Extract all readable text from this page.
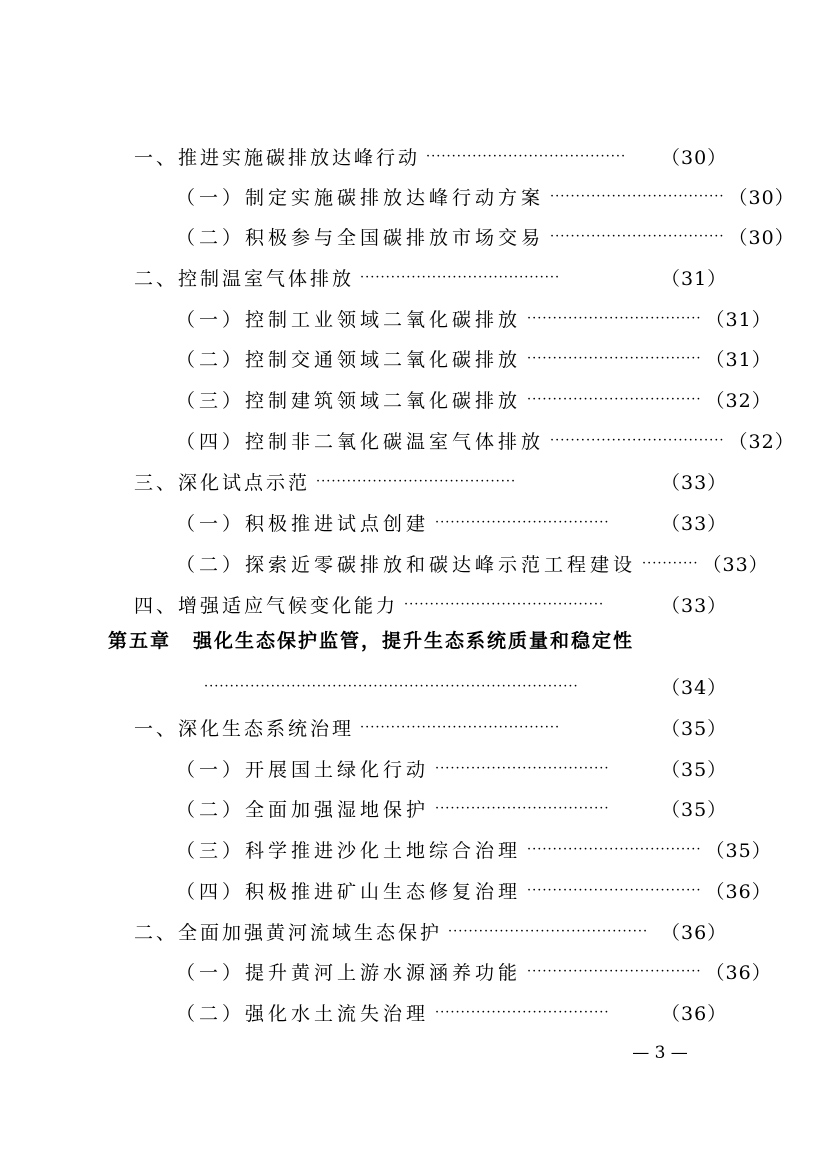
一、推进实施碳排放达峰行动 ·······································	（30）
（一）制定实施碳排放达峰行动方案 ·································· （30）
（二）积极参与全国碳排放市场交易 ·································· （30）
二、控制温室气体排放 ·······································	（31）
（一）控制工业领域二氧化碳排放 ·································· （31）
（二）控制交通领域二氧化碳排放 ·································· （31）
（三）控制建筑领域二氧化碳排放 ·································· （32）
（四）控制非二氧化碳温室气体排放 ·································· （32）
三、深化试点示范 ·······································	（33）
（一）积极推进试点创建 ··································	（33）
（二）探索近零碳排放和碳达峰示范工程建设 ··········· （33）
四、增强适应气候变化能力 ·······································	（33）
第五章 强化生态保护监管，提升生态系统质量和稳定性
·········································································	（34）
一、深化生态系统治理 ·······································	（35）
（一）开展国土绿化行动 ··································	（35）
（二）全面加强湿地保护 ··································	（35）
（三）科学推进沙化土地综合治理 ·································· （35）
（四）积极推进矿山生态修复治理 ·································· （36）
二、全面加强黄河流域生态保护 ······································· （36）
（一）提升黄河上游水源涵养功能 ·································· （36）
（二）强化水土流失治理 ··································	（36）
— 3 —
